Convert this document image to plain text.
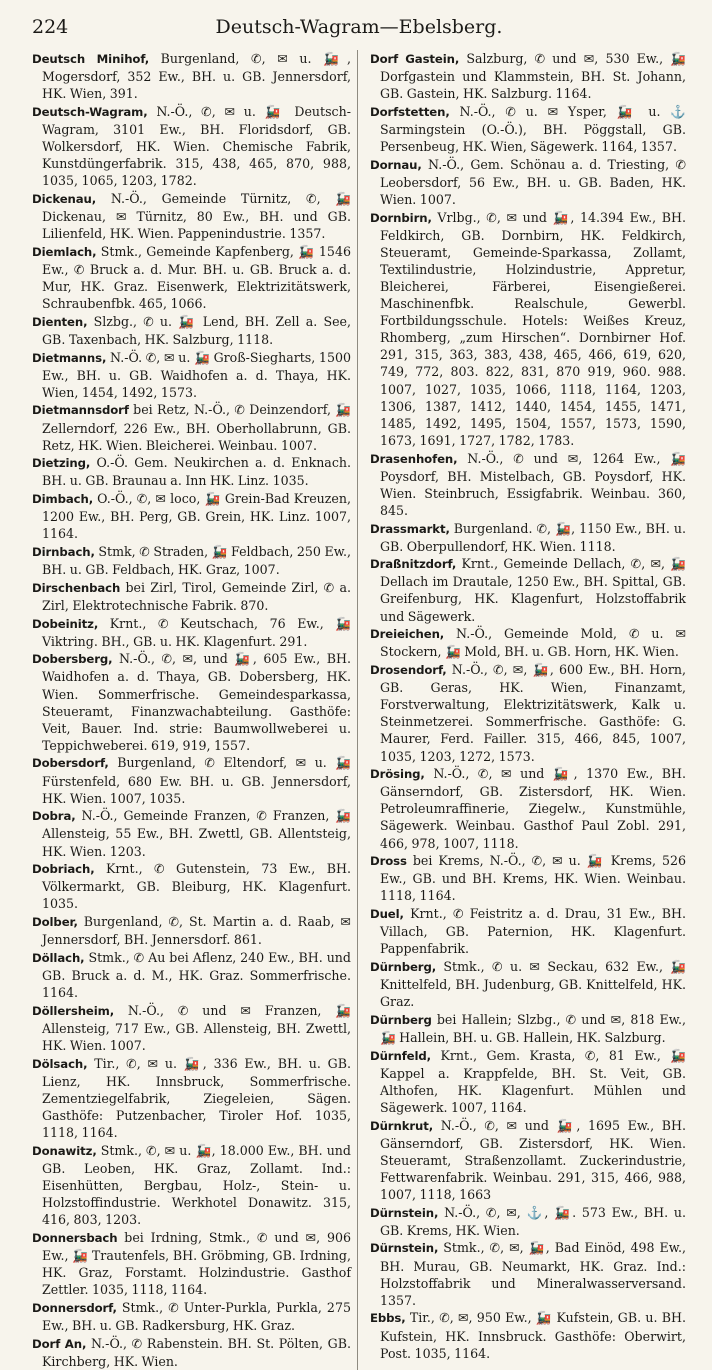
224	Deutsch-Wagram—Ebelsberg.

Deutsch Minihof, Burgenland, ✆, ✉ u. 🚂, Mogersdorf, 352 Ew., BH. u. GB. Jennersdorf, HK. Wien, 391.

Deutsch-Wagram, N.-Ö., ✆, ✉ u. 🚂 Deutsch-Wagram, 3101 Ew., BH. Floridsdorf, GB. Wolkersdorf, HK. Wien. Chemische Fabrik, Kunstdüngerfabrik. 315, 438, 465, 870, 988, 1035, 1065, 1203, 1782.

Dickenau, N.-Ö., Gemeinde Türnitz, ✆, 🚂 Dickenau, ✉ Türnitz, 80 Ew., BH. und GB. Lilienfeld, HK. Wien. Pappenindustrie. 1357.

Diemlach, Stmk., Gemeinde Kapfenberg, 🚂 1546 Ew., ✆ Bruck a. d. Mur. BH. u. GB. Bruck a. d. Mur, HK. Graz. Eisenwerk, Elektrizitätswerk, Schraubenfbk. 465, 1066.

Dienten, Slzbg., ✆ u. 🚂 Lend, BH. Zell a. See, GB. Taxenbach, HK. Salzburg, 1118.

Dietmanns, N.-Ö. ✆, ✉ u. 🚂 Groß-Siegharts, 1500 Ew., BH. u. GB. Waidhofen a. d. Thaya, HK. Wien, 1454, 1492, 1573.

Dietmannsdorf bei Retz, N.-Ö., ✆ Deinzendorf, 🚂 Zellerndorf, 226 Ew., BH. Oberhollabrunn, GB. Retz, HK. Wien. Bleicherei. Weinbau. 1007.

Dietzing, O.-Ö. Gem. Neukirchen a. d. Enknach. BH. u. GB. Braunau a. Inn HK. Linz. 1035.

Dimbach, O.-Ö., ✆, ✉ loco, 🚂 Grein-Bad Kreuzen, 1200 Ew., BH. Perg, GB. Grein, HK. Linz. 1007, 1164.

Dirnbach, Stmk, ✆ Straden, 🚂 Feldbach, 250 Ew., BH. u. GB. Feldbach, HK. Graz, 1007.

Dirschenbach bei Zirl, Tirol, Gemeinde Zirl, ✆ a. Zirl, Elektrotechnische Fabrik. 870.

Dobeinitz, Krnt., ✆ Keutschach, 76 Ew., 🚂 Viktring. BH., GB. u. HK. Klagenfurt. 291.

Dobersberg, N.-Ö., ✆, ✉, und 🚂, 605 Ew., BH. Waidhofen a. d. Thaya, GB. Dobersberg, HK. Wien. Sommerfrische. Gemeindesparkassa, Steueramt, Finanzwachabteilung. Gasthöfe: Veit, Bauer. Ind. strie: Baumwollweberei u. Teppichweberei. 619, 919, 1557.

Dobersdorf, Burgenland, ✆ Eltendorf, ✉ u. 🚂 Fürstenfeld, 680 Ew. BH. u. GB. Jennersdorf, HK. Wien. 1007, 1035.

Dobra, N.-Ö., Gemeinde Franzen, ✆ Franzen, 🚂 Allensteig, 55 Ew., BH. Zwettl, GB. Allentsteig, HK. Wien. 1203.

Dobriach, Krnt., ✆ Gutenstein, 73 Ew., BH. Völkermarkt, GB. Bleiburg, HK. Klagenfurt. 1035.

Dolber, Burgenland, ✆, St. Martin a. d. Raab, ✉ Jennersdorf, BH. Jennersdorf. 861.

Döllach, Stmk., ✆ Au bei Aflenz, 240 Ew., BH. und GB. Bruck a. d. M., HK. Graz. Sommerfrische. 1164.

Döllersheim, N.-Ö., ✆ und ✉ Franzen, 🚂 Allensteig, 717 Ew., GB. Allensteig, BH. Zwettl, HK. Wien. 1007.

Dölsach, Tir., ✆, ✉ u. 🚂, 336 Ew., BH. u. GB. Lienz, HK. Innsbruck, Sommerfrische. Zementziegelfabrik, Ziegeleien, Sägen. Gasthöfe: Putzenbacher, Tiroler Hof. 1035, 1118, 1164.

Donawitz, Stmk., ✆, ✉ u. 🚂, 18.000 Ew., BH. und GB. Leoben, HK. Graz, Zollamt. Ind.: Eisenhütten, Bergbau, Holz-, Stein- u. Holzstoffindustrie. Werkhotel Donawitz. 315, 416, 803, 1203.

Donnersbach bei Irdning, Stmk., ✆ und ✉, 906 Ew., 🚂 Trautenfels, BH. Gröbming, GB. Irdning, HK. Graz, Forstamt. Holzindustrie. Gasthof Zettler. 1035, 1118, 1164.

Donnersdorf, Stmk., ✆ Unter-Purkla, Purkla, 275 Ew., BH. u. GB. Radkersburg, HK. Graz.

Dorf An, N.-Ö., ✆ Rabenstein. BH. St. Pölten, GB. Kirchberg, HK. Wien.

Dorf Gastein, Salzburg, ✆ und ✉, 530 Ew., 🚂 Dorfgastein und Klammstein, BH. St. Johann, GB. Gastein, HK. Salzburg. 1164.

Dorfstetten, N.-Ö., ✆ u. ✉ Ysper, 🚂 u. ⚓ Sarmingstein (O.-Ö.), BH. Pöggstall, GB. Persenbeug, HK. Wien, Sägewerk. 1164, 1357.

Dornau, N.-Ö., Gem. Schönau a. d. Triesting, ✆ Leobersdorf, 56 Ew., BH. u. GB. Baden, HK. Wien. 1007.

Dornbirn, Vrlbg., ✆, ✉ und 🚂, 14.394 Ew., BH. Feldkirch, GB. Dornbirn, HK. Feldkirch, Steueramt, Gemeinde-Sparkassa, Zollamt, Textilindustrie, Holzindustrie, Appretur, Bleicherei, Färberei, Eisengießerei. Maschinenfbk. Realschule, Gewerbl. Fortbildungsschule. Hotels: Weißes Kreuz, Rhomberg, „zum Hirschen“. Dornbirner Hof. 291, 315, 363, 383, 438, 465, 466, 619, 620, 749, 772, 803. 822, 831, 870 919, 960. 988. 1007, 1027, 1035, 1066, 1118, 1164, 1203, 1306, 1387, 1412, 1440, 1454, 1455, 1471, 1485, 1492, 1495, 1504, 1557, 1573, 1590, 1673, 1691, 1727, 1782, 1783.

Drasenhofen, N.-Ö., ✆ und ✉, 1264 Ew., 🚂 Poysdorf, BH. Mistelbach, GB. Poysdorf, HK. Wien. Steinbruch, Essigfabrik. Weinbau. 360, 845.

Drassmarkt, Burgenland. ✆, 🚂, 1150 Ew., BH. u. GB. Oberpullendorf, HK. Wien. 1118.

Draßnitzdorf, Krnt., Gemeinde Dellach, ✆, ✉, 🚂 Dellach im Drautale, 1250 Ew., BH. Spittal, GB. Greifenburg, HK. Klagenfurt, Holzstoffabrik und Sägewerk.

Dreieichen, N.-Ö., Gemeinde Mold, ✆ u. ✉ Stockern, 🚂 Mold, BH. u. GB. Horn, HK. Wien.

Drosendorf, N.-Ö., ✆, ✉, 🚂, 600 Ew., BH. Horn, GB. Geras, HK. Wien, Finanzamt, Forstverwaltung, Elektrizitätswerk, Kalk u. Steinmetzerei. Sommerfrische. Gasthöfe: G. Maurer, Ferd. Failler. 315, 466, 845, 1007, 1035, 1203, 1272, 1573.

Drösing, N.-Ö., ✆, ✉ und 🚂, 1370 Ew., BH. Gänserndorf, GB. Zistersdorf, HK. Wien. Petroleumraffinerie, Ziegelw., Kunstmühle, Sägewerk. Weinbau. Gasthof Paul Zobl. 291, 466, 978, 1007, 1118.

Dross bei Krems, N.-Ö., ✆, ✉ u. 🚂 Krems, 526 Ew., GB. und BH. Krems, HK. Wien. Weinbau. 1118, 1164.

Duel, Krnt., ✆ Feistritz a. d. Drau, 31 Ew., BH. Villach, GB. Paternion, HK. Klagenfurt. Pappenfabrik.

Dürnberg, Stmk., ✆ u. ✉ Seckau, 632 Ew., 🚂 Knittelfeld, BH. Judenburg, GB. Knittelfeld, HK. Graz.

Dürnberg bei Hallein; Slzbg., ✆ und ✉, 818 Ew., 🚂 Hallein, BH. u. GB. Hallein, HK. Salzburg.

Dürnfeld, Krnt., Gem. Krasta, ✆, 81 Ew., 🚂 Kappel a. Krappfelde, BH. St. Veit, GB. Althofen, HK. Klagenfurt. Mühlen und Sägewerk. 1007, 1164.

Dürnkrut, N.-Ö., ✆, ✉ und 🚂, 1695 Ew., BH. Gänserndorf, GB. Zistersdorf, HK. Wien. Steueramt, Straßenzollamt. Zuckerindustrie, Fettwarenfabrik. Weinbau. 291, 315, 466, 988, 1007, 1118, 1663

Dürnstein, N.-Ö., ✆, ✉, ⚓, 🚂. 573 Ew., BH. u. GB. Krems, HK. Wien.

Dürnstein, Stmk., ✆, ✉, 🚂, Bad Einöd, 498 Ew., BH. Murau, GB. Neumarkt, HK. Graz. Ind.: Holzstoffabrik und Mineralwasserversand. 1357.

Ebbs, Tir., ✆, ✉, 950 Ew., 🚂 Kufstein, GB. u. BH. Kufstein, HK. Innsbruck. Gasthöfe: Oberwirt, Post. 1035, 1164.
